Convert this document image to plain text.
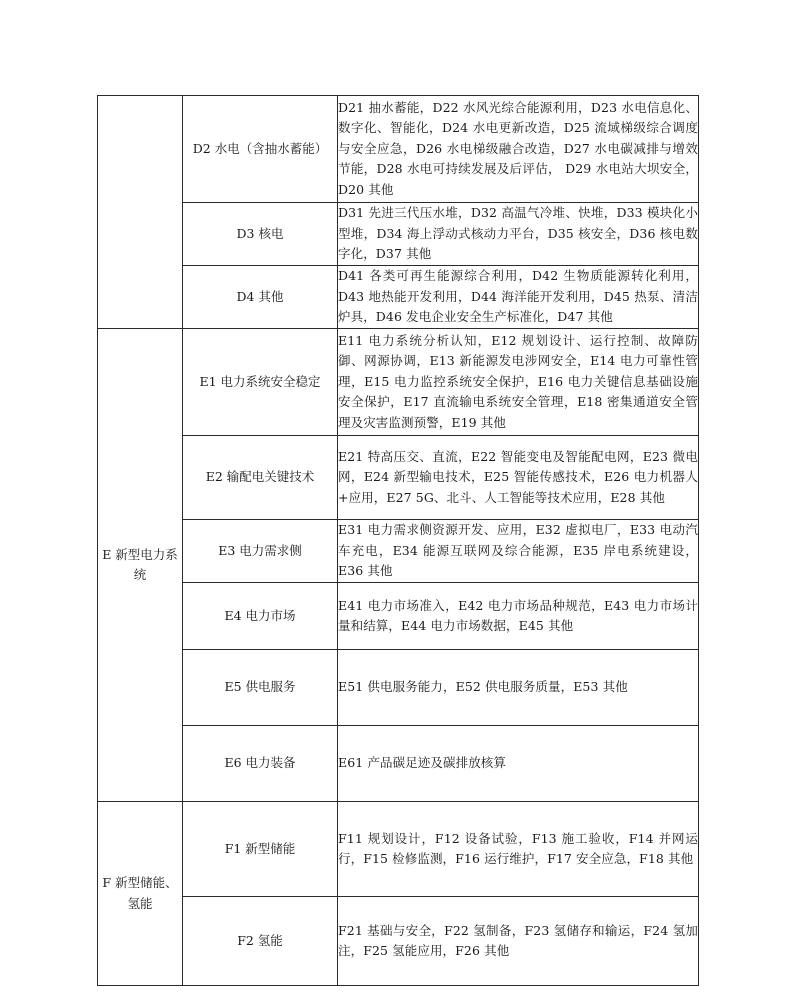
	D2 水电（含抽水蓄能）	D21 抽水蓄能，D22 水风光综合能源利用，D23 水电信息化、数字化、智能化，D24 水电更新改造，D25 流域梯级综合调度与安全应急，D26 水电梯级融合改造，D27 水电碳减排与增效节能，D28 水电可持续发展及后评估， D29 水电站大坝安全，D20 其他
	D3 核电	D31 先进三代压水堆，D32 高温气冷堆、快堆，D33 模块化小型堆，D34 海上浮动式核动力平台，D35 核安全，D36 核电数字化，D37 其他
	D4 其他	D41 各类可再生能源综合利用，D42 生物质能源转化利用，D43 地热能开发利用，D44 海洋能开发利用，D45 热泵、清洁炉具，D46 发电企业安全生产标准化，D47 其他
E 新型电力系统	E1 电力系统安全稳定	E11 电力系统分析认知，E12 规划设计、运行控制、故障防御、网源协调，E13 新能源发电涉网安全，E14 电力可靠性管理，E15 电力监控系统安全保护，E16 电力关键信息基础设施安全保护，E17 直流输电系统安全管理，E18 密集通道安全管理及灾害监测预警，E19 其他
	E2 输配电关键技术	E21 特高压交、直流，E22 智能变电及智能配电网，E23 微电网，E24 新型输电技术，E25 智能传感技术，E26 电力机器人+应用，E27 5G、北斗、人工智能等技术应用，E28 其他
	E3 电力需求侧	E31 电力需求侧资源开发、应用，E32 虚拟电厂，E33 电动汽车充电，E34 能源互联网及综合能源，E35 岸电系统建设，E36 其他
	E4 电力市场	E41 电力市场准入，E42 电力市场品种规范，E43 电力市场计量和结算，E44 电力市场数据，E45 其他
	E5 供电服务	E51 供电服务能力，E52 供电服务质量，E53 其他
	E6 电力装备	E61 产品碳足迹及碳排放核算
F 新型储能、氢能	F1 新型储能	F11 规划设计，F12 设备试验，F13 施工验收，F14 并网运行，F15 检修监测，F16 运行维护，F17 安全应急，F18 其他
	F2 氢能	F21 基础与安全，F22 氢制备，F23 氢储存和输运，F24 氢加注，F25 氢能应用，F26 其他
